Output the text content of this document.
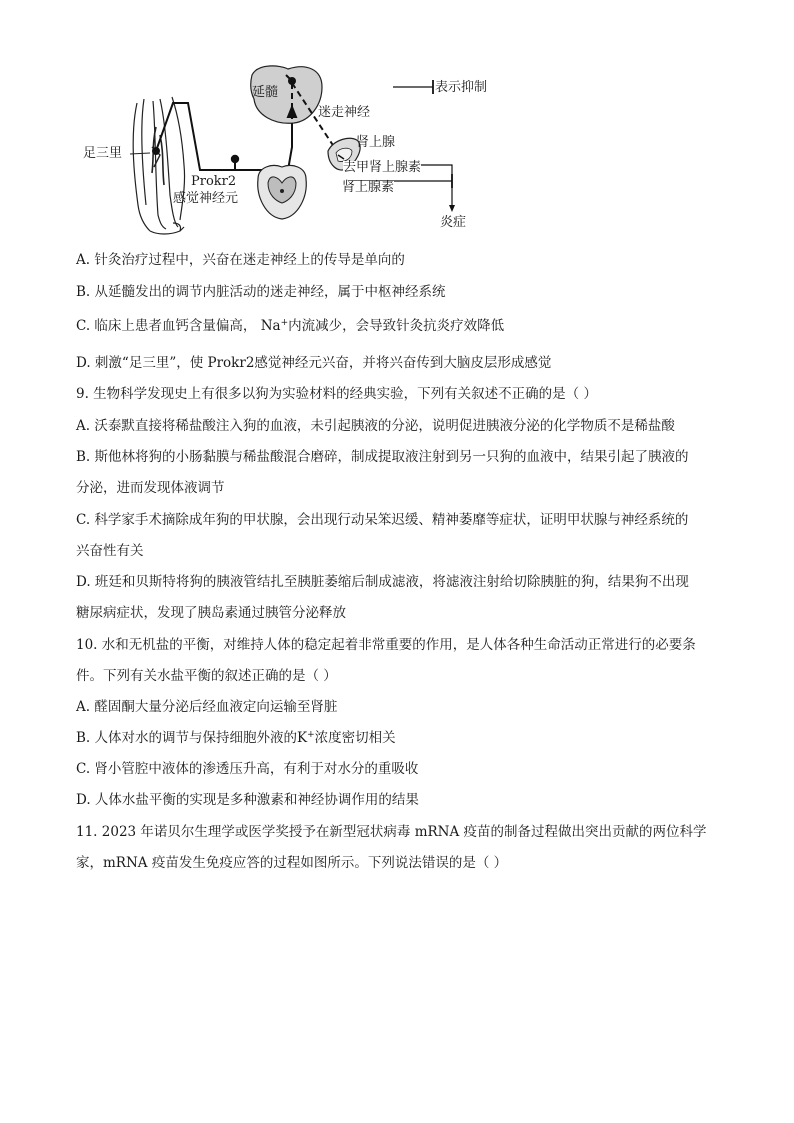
延髓
迷走神经
肾上腺
去甲肾上腺素
肾上腺素
炎症
足三里
Prokr2
感觉神经元
表示抑制
A. 针灸治疗过程中，兴奋在迷走神经上的传导是单向的
B. 从延髓发出的调节内脏活动的迷走神经，属于中枢神经系统
C. 临床上患者血钙含量偏高， Na+内流减少，会导致针灸抗炎疗效降低
D. 刺激“足三里”，使 Prokr2感觉神经元兴奋，并将兴奋传到大脑皮层形成感觉
9. 生物科学发现史上有很多以狗为实验材料的经典实验，下列有关叙述不正确的是（ ）
A. 沃泰默直接将稀盐酸注入狗的血液，未引起胰液的分泌，说明促进胰液分泌的化学物质不是稀盐酸
B. 斯他林将狗的小肠黏膜与稀盐酸混合磨碎，制成提取液注射到另一只狗的血液中，结果引起了胰液的
分泌，进而发现体液调节
C. 科学家手术摘除成年狗的甲状腺，会出现行动呆笨迟缓、精神萎靡等症状，证明甲状腺与神经系统的
兴奋性有关
D. 班廷和贝斯特将狗的胰液管结扎至胰脏萎缩后制成滤液，将滤液注射给切除胰脏的狗，结果狗不出现
糖尿病症状，发现了胰岛素通过胰管分泌释放
10. 水和无机盐的平衡，对维持人体的稳定起着非常重要的作用，是人体各种生命活动正常进行的必要条
件。下列有关水盐平衡的叙述正确的是（ ）
A. 醛固酮大量分泌后经血液定向运输至肾脏
B. 人体对水的调节与保持细胞外液的K+浓度密切相关
C. 肾小管腔中液体的渗透压升高，有利于对水分的重吸收
D. 人体水盐平衡的实现是多种激素和神经协调作用的结果
11. 2023 年诺贝尔生理学或医学奖授予在新型冠状病毒 mRNA 疫苗的制备过程做出突出贡献的两位科学
家，mRNA 疫苗发生免疫应答的过程如图所示。下列说法错误的是（ ）
